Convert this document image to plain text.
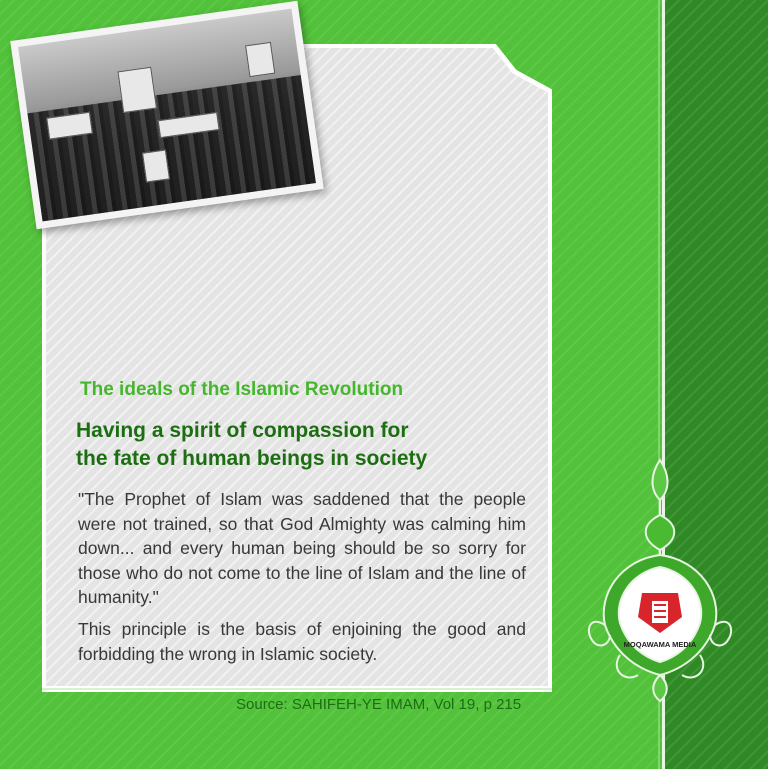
The ideals of the Islamic Revolution
Having a spirit of compassion for
the fate of human beings in society
"The Prophet of Islam was saddened that the people were not trained, so that God Almighty was calming him down... and every human being should be so sorry for those who do not come to the line of Islam and the line of humanity."
This principle is the basis of enjoining the good and forbidding the wrong in Islamic society.
Source: SAHIFEH-YE IMAM, Vol 19, p 215
MOQAWAMA MEDIA
